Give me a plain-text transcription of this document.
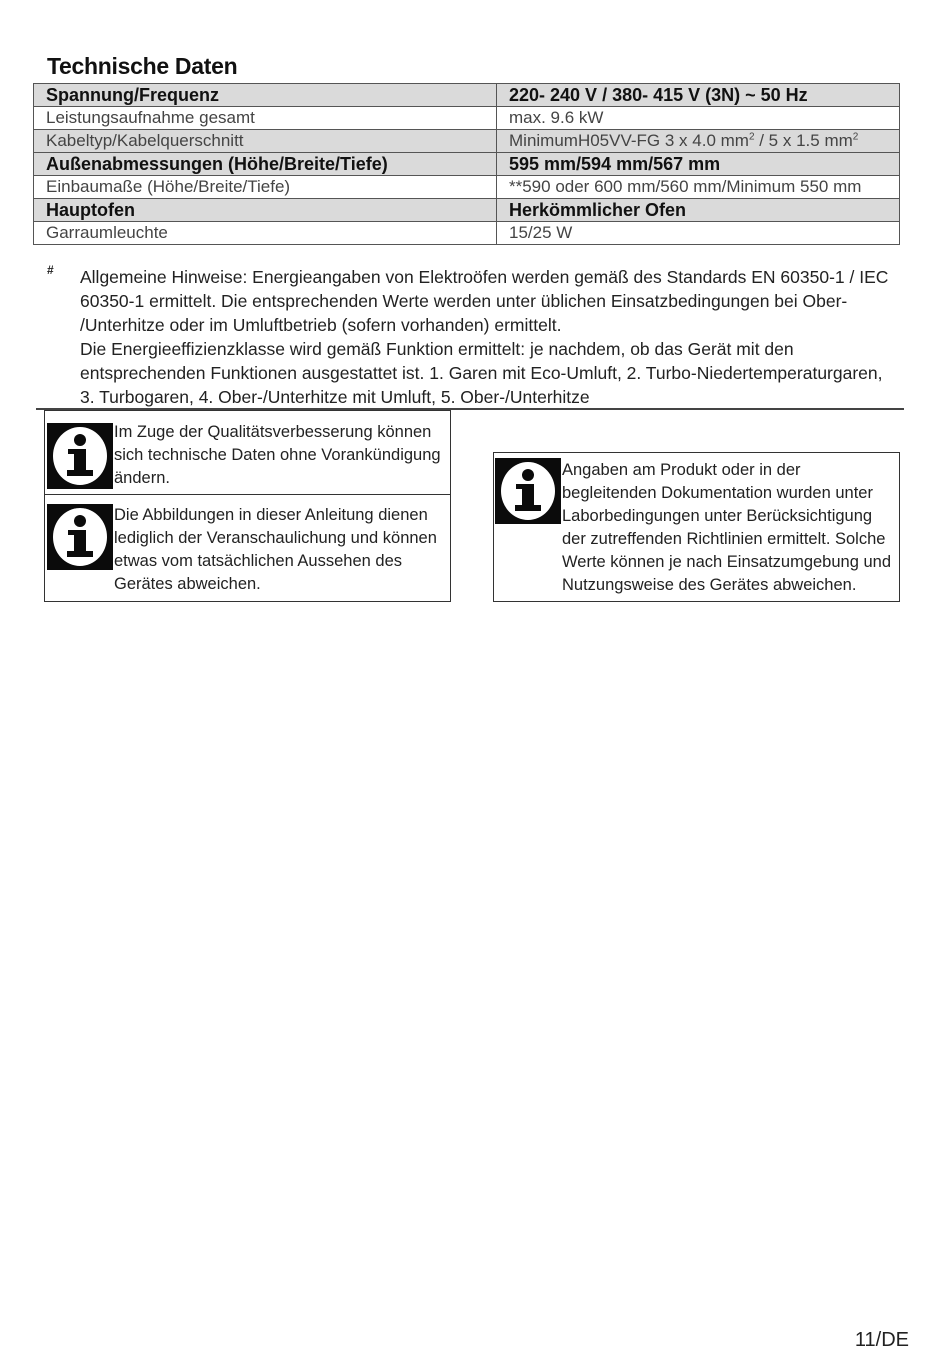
Technische Daten
Spannung/Frequenz	220- 240 V / 380- 415 V (3N) ~ 50 Hz
Leistungsaufnahme gesamt	max. 9.6 kW
Kabeltyp/Kabelquerschnitt	MinimumH05VV-FG 3 x 4.0 $mm^2 / 5$ x 1.5 $mm^2$
Außenabmessungen (Höhe/Breite/Tiefe)	595 mm/594 mm/567 mm
Einbaumaße (Höhe/Breite/Tiefe)	**590 oder 600 mm/560 mm/Minimum 550 mm
Hauptofen	Herkömmlicher Ofen
Garraumleuchte	15/25 W
# Allgemeine Hinweise: Energieangaben von Elektroöfen werden gemäß des Standards EN 60350-1 / IEC 60350-1 ermittelt. Die entsprechenden Werte werden unter üblichen Einsatzbedingungen bei Ober- /Unterhitze oder im Umluftbetrieb (sofern vorhanden) ermittelt.

Die Energieeffizienzklasse wird gemäß Funktion ermittelt: je nachdem, ob das Gerät mit den entsprechenden Funktionen ausgestattet ist. 1. Garen mit Eco-Umluft, 2. Turbo-Niedertemperaturgaren, 3. Turbogaren, 4. Ober-/Unterhitze mit Umluft, 5. Ober-/Unterhitze

Im Zuge der Qualitätsverbesserung können sich technische Daten ohne Vorankündigung ändern.
Die Abbildungen in dieser Anleitung dienen lediglich der Veranschaulichung und können etwas vom tatsächlichen Aussehen des Gerätes abweichen.
Angaben am Produkt oder in der begleitenden Dokumentation wurden unter Laborbedingungen unter Berücksichtigung der zutreffenden Richtlinien ermittelt. Solche Werte können je nach Einsatzumgebung und Nutzungsweise des Gerätes abweichen.
11/DE
